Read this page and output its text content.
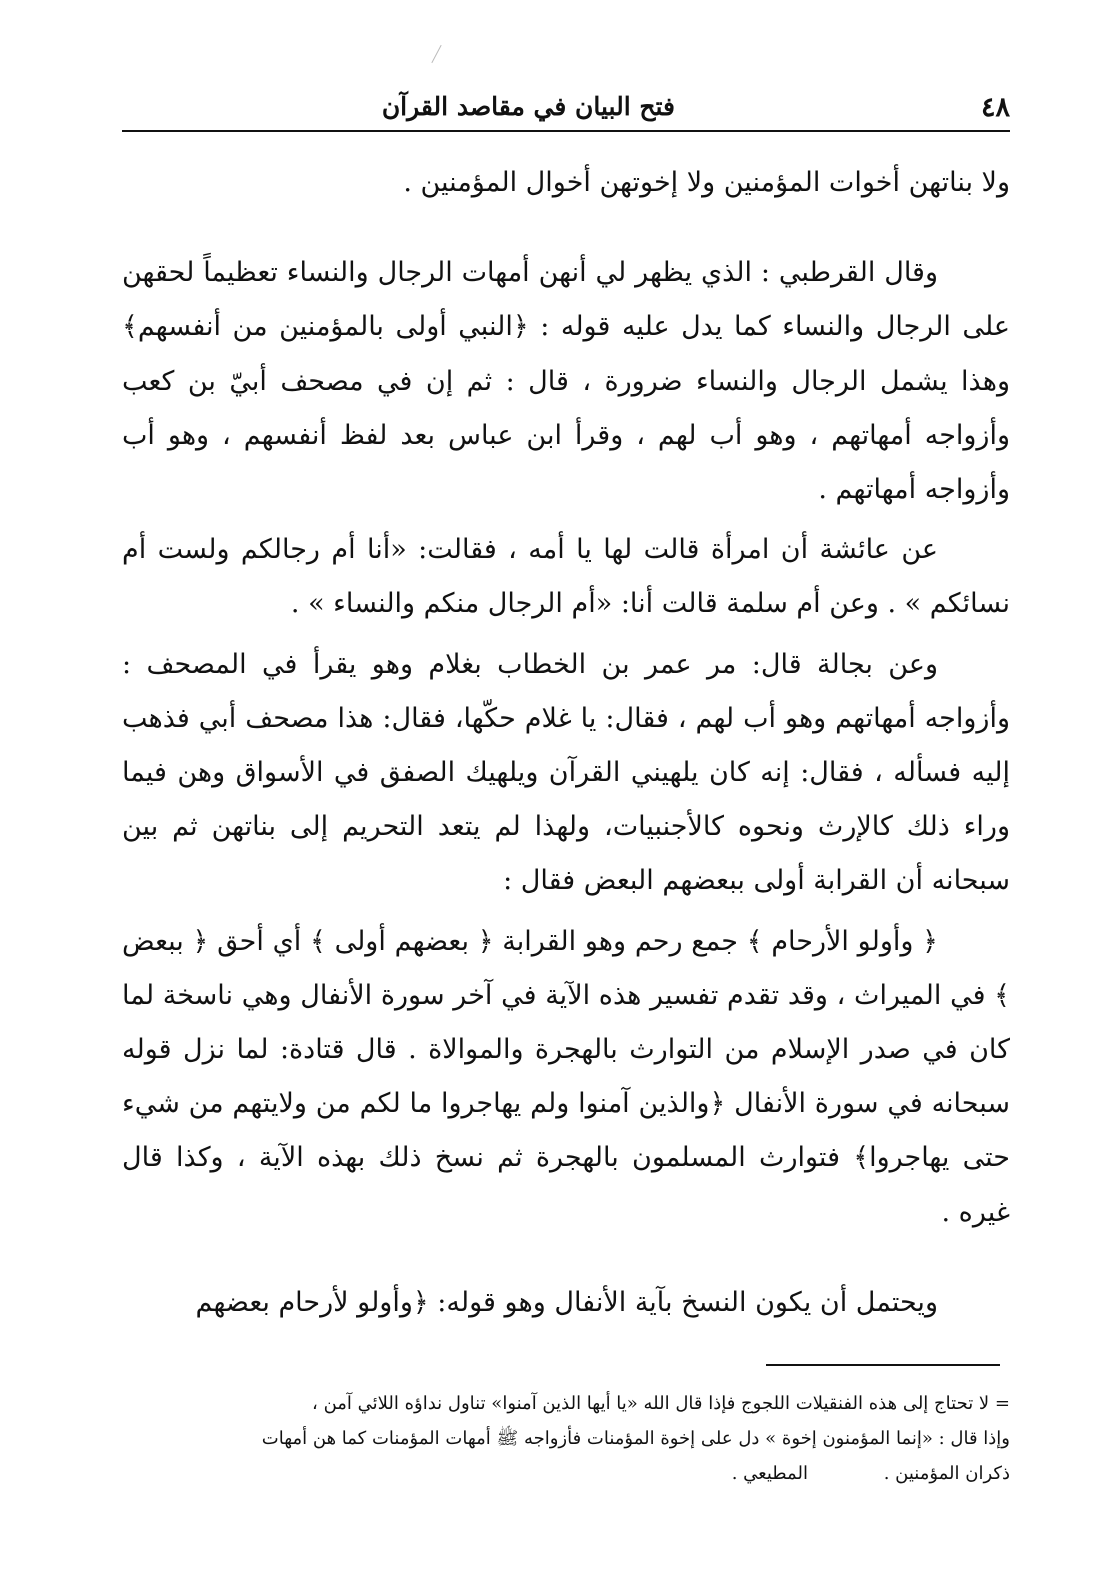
٤٨
فتح البيان في مقاصد القرآن

ولا بناتهن أخوات المؤمنين ولا إخوتهن أخوال المؤمنين .

وقال القرطبي : الذي يظهر لي أنهن أمهات الرجال والنساء تعظيماً لحقهن على الرجال والنساء كما يدل عليه قوله : ﴿النبي أولى بالمؤمنين من أنفسهم﴾ وهذا يشمل الرجال والنساء ضرورة ، قال : ثم إن في مصحف أبيّ بن كعب وأزواجه أمهاتهم ، وهو أب لهم ، وقرأ ابن عباس بعد لفظ أنفسهم ، وهو أب وأزواجه أمهاتهم .

عن عائشة أن امرأة قالت لها يا أمه ، فقالت: «أنا أم رجالكم ولست أم نسائكم » . وعن أم سلمة قالت أنا: «أم الرجال منكم والنساء » .

وعن بجالة قال: مر عمر بن الخطاب بغلام وهو يقرأ في المصحف : وأزواجه أمهاتهم وهو أب لهم ، فقال: يا غلام حكّها، فقال: هذا مصحف أبي فذهب إليه فسأله ، فقال: إنه كان يلهيني القرآن ويلهيك الصفق في الأسواق وهن فيما وراء ذلك كالإرث ونحوه كالأجنبيات، ولهذا لم يتعد التحريم إلى بناتهن ثم بين سبحانه أن القرابة أولى ببعضهم البعض فقال :

﴿ وأولو الأرحام ﴾ جمع رحم وهو القرابة ﴿ بعضهم أولى ﴾ أي أحق ﴿ ببعض ﴾ في الميراث ، وقد تقدم تفسير هذه الآية في آخر سورة الأنفال وهي ناسخة لما كان في صدر الإسلام من التوارث بالهجرة والموالاة . قال قتادة: لما نزل قوله سبحانه في سورة الأنفال ﴿والذين آمنوا ولم يهاجروا ما لكم من ولايتهم من شيء حتى يهاجروا﴾ فتوارث المسلمون بالهجرة ثم نسخ ذلك بهذه الآية ، وكذا قال غيره .

ويحتمل أن يكون النسخ بآية الأنفال وهو قوله: ﴿وأولو لأرحام بعضهم

= لا تحتاج إلى هذه الفنقيلات اللجوج فإذا قال الله «يا أيها الذين آمنوا» تناول نداؤه اللائي آمن ،

وإذا قال : «إنما المؤمنون إخوة » دل على إخوة المؤمنات فأزواجه ﷺ أمهات المؤمنات كما هن أمهات

ذكران المؤمنين . المطيعي .
